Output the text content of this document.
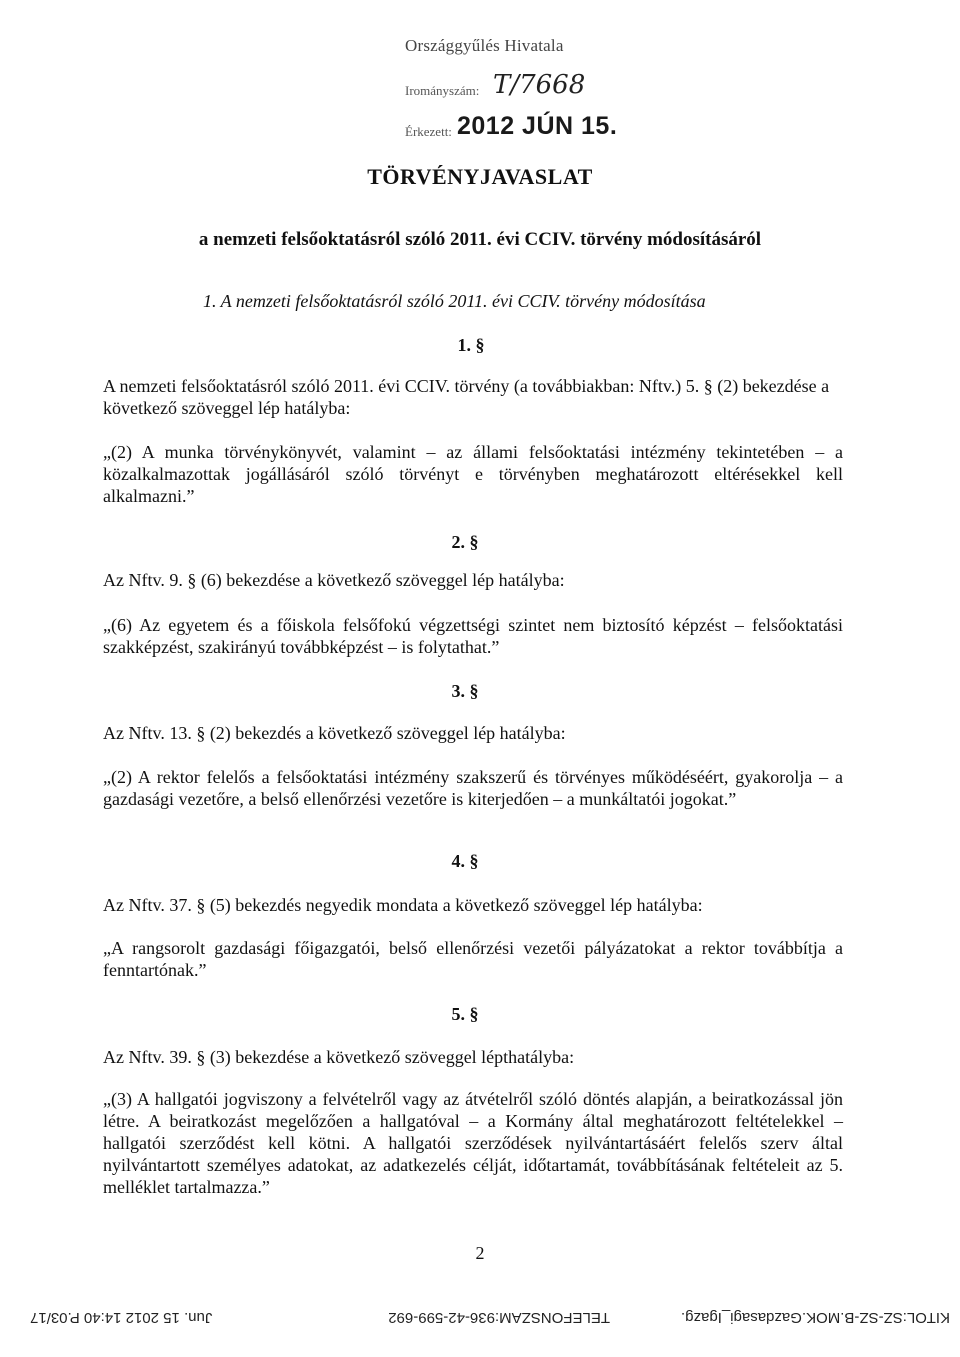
Országgyűlés Hivatala
Irományszám: T/7668
Érkezett: 2012 JÚN 15.
TÖRVÉNYJAVASLAT
a nemzeti felsőoktatásról szóló 2011. évi CCIV. törvény módosításáról
1. A nemzeti felsőoktatásról szóló 2011. évi CCIV. törvény módosítása
1. §
A nemzeti felsőoktatásról szóló 2011. évi CCIV. törvény (a továbbiakban: Nftv.) 5. § (2) bekezdése a következő szöveggel lép hatályba:
„(2) A munka törvénykönyvét, valamint – az állami felsőoktatási intézmény tekintetében – a közalkalmazottak jogállásáról szóló törvényt e törvényben meghatározott eltérésekkel kell alkalmazni.”
2. §
Az Nftv. 9. § (6) bekezdése a következő szöveggel lép hatályba:
„(6) Az egyetem és a főiskola felsőfokú végzettségi szintet nem biztosító képzést – felsőoktatási szakképzést, szakirányú továbbképzést – is folytathat.”
3. §
Az Nftv. 13. § (2) bekezdés a következő szöveggel lép hatályba:
„(2) A rektor felelős a felsőoktatási intézmény szakszerű és törvényes működéséért, gyakorolja – a gazdasági vezetőre, a belső ellenőrzési vezetőre is kiterjedően – a munkáltatói jogokat.”
4. §
Az Nftv. 37. § (5) bekezdés negyedik mondata a következő szöveggel lép hatályba:
„A rangsorolt gazdasági főigazgatói, belső ellenőrzési vezetői pályázatokat a rektor továbbítja a fenntartónak.”
5. §
Az Nftv. 39. § (3) bekezdése a következő szöveggel lépthatályba:
„(3) A hallgatói jogviszony a felvételről vagy az átvételről szóló döntés alapján, a beiratkozással jön létre. A beiratkozást megelőzően a hallgatóval – a Kormány által meghatározott feltételekkel – hallgatói szerződést kell kötni. A hallgatói szerződések nyilvántartásáért felelős szerv által nyilvántartott személyes adatokat, az adatkezelés célját, időtartamát, továbbításának feltételeit az 5. melléklet tartalmazza.”
2
KITOL:SZ-SZ-B.MOK.Gazdasagi_Igazg.
TELEFONSZAM:936-42-599-692
Jun. 15 2012 14:40 P.03/17
